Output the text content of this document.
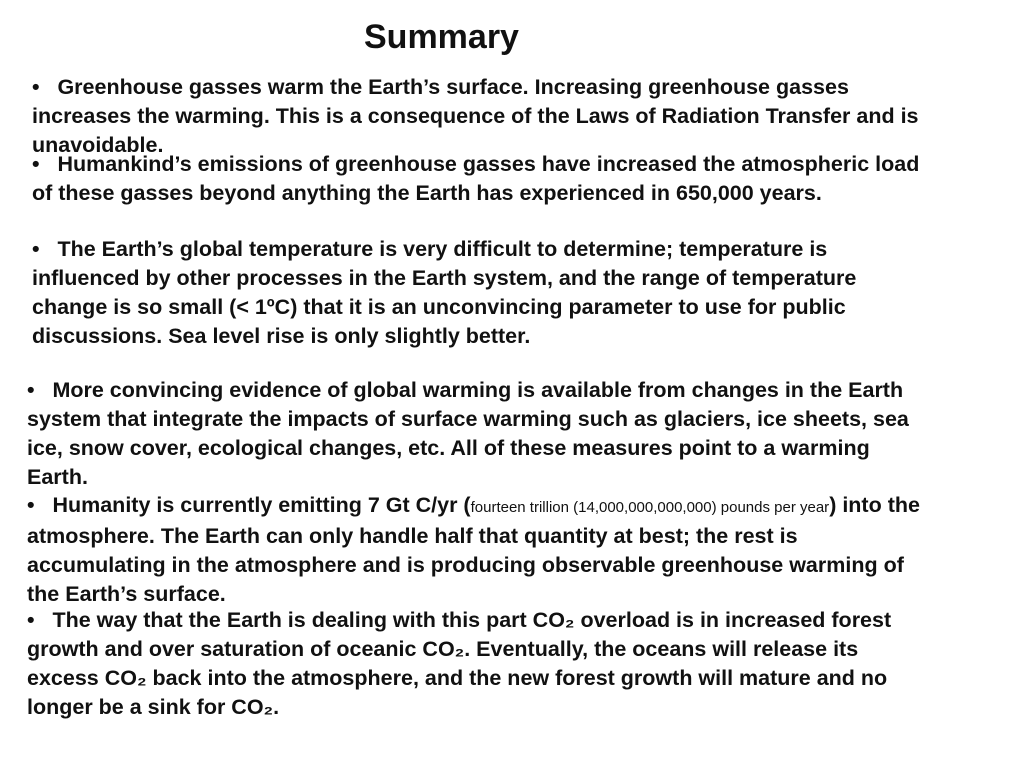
Summary

• Greenhouse gasses warm the Earth’s surface. Increasing greenhouse gasses increases the warming. This is a consequence of the Laws of Radiation Transfer and is unavoidable.

• Humankind’s emissions of greenhouse gasses have increased the atmospheric load of these gasses beyond anything the Earth has experienced in 650,000 years.

• The Earth’s global temperature is very difficult to determine; temperature is influenced by other processes in the Earth system, and the range of temperature change is so small (< 1ºC) that it is an unconvincing parameter to use for public discussions. Sea level rise is only slightly better.

• More convincing evidence of global warming is available from changes in the Earth system that integrate the impacts of surface warming such as glaciers, ice sheets, sea ice, snow cover, ecological changes, etc. All of these measures point to a warming Earth.

• Humanity is currently emitting 7 Gt C/yr (fourteen trillion (14,000,000,000,000) pounds per year) into the atmosphere. The Earth can only handle half that quantity at best; the rest is accumulating in the atmosphere and is producing observable greenhouse warming of the Earth’s surface.

• The way that the Earth is dealing with this part CO₂ overload is in increased forest growth and over saturation of oceanic CO₂. Eventually, the oceans will release its excess CO₂ back into the atmosphere, and the new forest growth will mature and no longer be a sink for CO₂.
